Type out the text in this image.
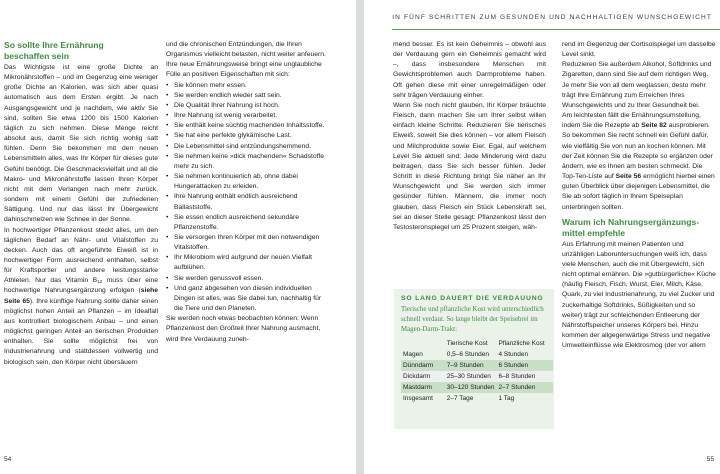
So sollte Ihre Ernährung
beschaffen sein

Das Wichtigste ist eine große Dichte an Mikronährstoffen – und im Gegenzug eine weniger große Dichte an Kalorien, was sich aber quasi automatisch aus dem Ersten ergibt. Je nach Ausgangsgewicht und je nachdem, wie aktiv Sie sind, sollten Sie etwa 1200 bis 1500 Kalorien täglich zu sich nehmen. Diese Menge reicht absolut aus, damit Sie sich richtig wohlig satt fühlen. Denn Sie bekommen mit den neuen Lebensmitteln alles, was Ihr Körper für dieses gute Gefühl benötigt. Die Geschmacksvielfalt und all die Makro- und Mikronährstoffe lassen Ihren Körper nicht mit dem Verlangen nach mehr zurück, sondern mit einem Gefühl der zufriedenen Sättigung. Und nur das lässt Ihr Übergewicht dahinschmelzen wie Schnee in der Sonne.

In hochwertiger Pflanzenkost steckt alles, um den täglichen Bedarf an Nähr- und Vitalstoffen zu decken. Auch das oft angeführte Eiweiß ist in hochwertiger Form ausreichend enthalten, selbst für Kraftsportler und andere leistungsstarke Athleten. Nur das Vitamin $B_{12}$ muss über eine hochwertige Nahrungsergänzung erfolgen (siehe Seite 65). Ihre künftige Nahrung sollte daher einen möglichst hohen Anteil an Pflanzen – im Idealfall aus kontrolliert biologischem Anbau – und einen möglichst geringen Anteil an tierischen Produkten enthalten. Sie sollte möglichst frei von Industrienahrung und stattdessen vollwertig und biologisch sein, den Körper nicht übersäuern

und die chronischen Entzündungen, die Ihren Organismus vielleicht belasten, nicht weiter anfeuern.

Ihre neue Ernährungsweise bringt eine unglaubliche Fülle an positiven Eigenschaften mit sich:

• Sie können mehr essen.
• Sie werden endlich wieder satt sein.
• Die Qualität Ihrer Nahrung ist hoch.
• Ihre Nahrung ist wenig verarbeitet.
• Sie enthält keine süchtig machenden Inhaltsstoffe.
• Sie hat eine perfekte glykämische Last.
• Die Lebensmittel sind entzündungshemmend.
• Sie nehmen keine »dick machenden« Schadstoffe mehr zu sich.
• Sie nehmen kontinuierlich ab, ohne dabei Hungerattacken zu erleiden.
• Ihre Nahrung enthält endlich ausreichend Ballaststoffe.
• Sie essen endlich ausreichend sekundäre Pflanzenstoffe.
• Sie versorgen Ihren Körper mit den notwendigen Vitalstoffen.
• Ihr Mikrobiom wird aufgrund der neuen Vielfalt aufblühen.
• Sie werden genussvoll essen.
• Und ganz abgesehen von diesen individuellen Dingen ist alles, was Sie dabei tun, nachhaltig für die Tiere und den Planeten.

Sie werden noch etwas beobachten können: Wenn Pflanzenkost den Großteil Ihrer Nahrung ausmacht, wird Ihre Verdauung zuneh-

54
IN FÜNF SCHRITTEN ZUM GESUNDEN UND NACHHALTIGEN WUNSCHGEWICHT

mend besser. Es ist kein Geheimnis – obwohl aus der Verdauung gern ein Geheimnis gemacht wird –, dass insbesondere Menschen mit Gewichtsproblemen auch Darmprobleme haben. Oft gehen diese mit einer unregelmäßigen oder sehr trägen Verdauung einher.

Wenn Sie noch nicht glauben, Ihr Körper bräuchte Fleisch, dann machen Sie um Ihrer selbst willen einfach kleine Schritte. Reduzieren Sie tierisches Eiweiß, soweit Sie dies können – vor allem Fleisch und Milchprodukte sowie Eier. Egal, auf welchem Level Sie aktuell sind: Jede Minderung wird dazu beitragen, dass Sie sich besser fühlen. Jeder Schritt in diese Richtung bringt Sie näher an Ihr Wunschgewicht und Sie werden sich immer gesünder fühlen. Männern, die immer noch glauben, dass Fleisch ein Stück Lebenskraft sei, sei an dieser Stelle gesagt: Pflanzenkost lässt den Testosteronspiegel um 25 Prozent steigen, wäh-

SO LANG DAUERT DIE VERDAUUNG
Tierische und pflanzliche Kost wird unterschiedlich schnell verdaut. So lange bleibt der Speisebrei im Magen-Darm-Trakt:
	Tierische Kost	Pflanzliche Kost
Magen	0,5–6 Stunden	4 Stunden
Dünndarm	7–9 Stunden	6 Stunden
Dickdarm	25–30 Stunden	6–8 Stunden
Mastdarm	30–120 Stunden	2–7 Stunden
Insgesamt	2–7 Tage	1 Tag

rend im Gegenzug der Cortisolspiegel um dasselbe Level sinkt.

Reduzieren Sie außerdem Alkohol, Softdrinks und Zigaretten, dann sind Sie auf dem richtigen Weg. Je mehr Sie von all dem weglassen, desto mehr trägt Ihre Ernährung zum Erreichen Ihres Wunschgewichts und zu Ihrer Gesundheit bei.

Am leichtesten fällt die Ernährungsumstellung, indem Sie die Rezepte ab Seite 82 ausprobieren. So bekommen Sie recht schnell ein Gefühl dafür, wie vielfältig Sie von nun an kochen können. Mit der Zeit können Sie die Rezepte so ergänzen oder ändern, wie es Ihnen am besten schmeckt. Die Top-Ten-Liste auf Seite 56 ermöglicht hierbei einen guten Überblick über diejenigen Lebensmittel, die Sie ab sofort täglich in Ihrem Speiseplan unterbringen sollten.

Warum ich Nahrungsergänzungs-
mittel empfehle

Aus Erfahrung mit meinen Patienten und unzähligen Laboruntersuchungen weiß ich, dass viele Menschen, auch die mit Übergewicht, sich nicht optimal ernähren. Die »gutbürgerliche« Küche (häufig Fleisch, Fisch, Wurst, Eier, Milch, Käse, Quark, zu viel Industrienahrung, zu viel Zucker und zuckerhaltige Softdrinks, Süßigkeiten und so weiter) trägt zur schleichenden Entleerung der Nährstoffspeicher unseres Körpers bei. Hinzu kommen der allgegenwärtige Stress und negative Umwelteinflüsse wie Elektrosmog (der vor allem

55
